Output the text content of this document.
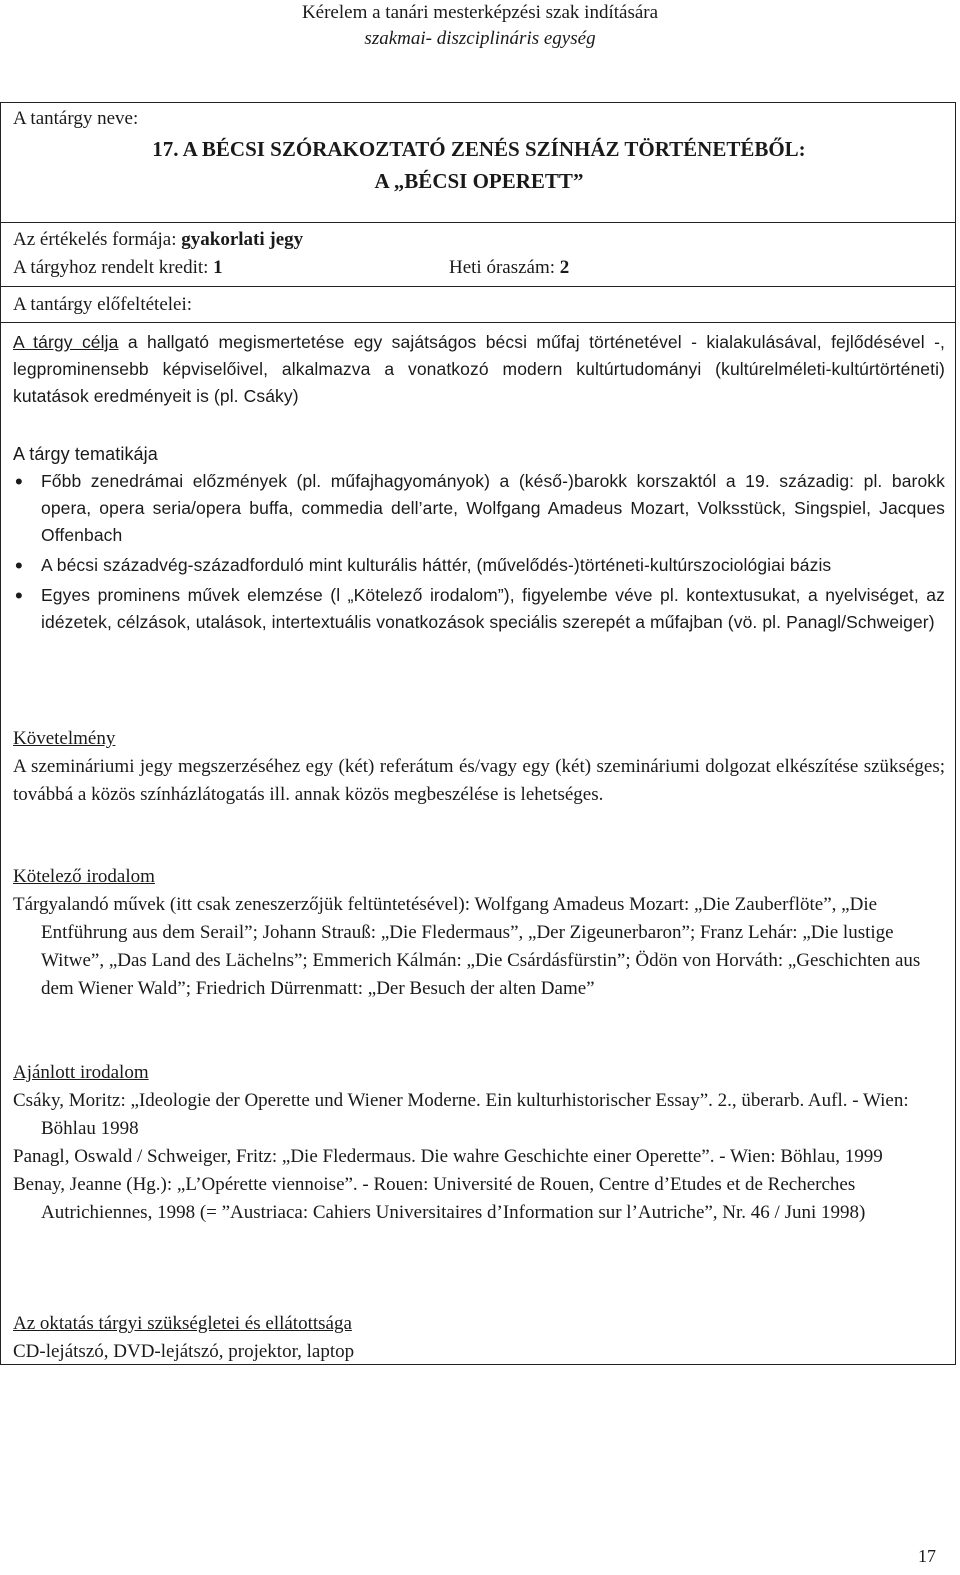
Kérelem a tanári mesterképzési szak indítására
szakmai- diszciplináris egység
A tantárgy neve:
17. A BÉCSI SZÓRAKOZTATÓ ZENÉS SZÍNHÁZ TÖRTÉNETÉBŐL:
A „BÉCSI OPERETT”
Az értékelés formája: gyakorlati jegy
A tárgyhoz rendelt kredit: 1	Heti óraszám: 2
A tantárgy előfeltételei:
A tárgy célja a hallgató megismertetése egy sajátságos bécsi műfaj történetével - kialakulásával, fejlődésével -, legprominensebb képviselőivel, alkalmazva a vonatkozó modern kultúrtudományi (kultúrelméleti-kultúrtörténeti) kutatások eredményeit is (pl. Csáky)
A tárgy tematikája
• Főbb zenedrámai előzmények (pl. műfajhagyományok) a (késő-)barokk korszaktól a 19. századig: pl. barokk opera, opera seria/opera buffa, commedia dell’arte, Wolfgang Amadeus Mozart, Volksstück, Singspiel, Jacques Offenbach
• A bécsi századvég-századforduló mint kulturális háttér, (művelődés-)történeti-kultúrszociológiai bázis
• Egyes prominens művek elemzése (l „Kötelező irodalom”), figyelembe véve pl. kontextusukat, a nyelviséget, az idézetek, célzások, utalások, intertextuális vonatkozások speciális szerepét a műfajban (vö. pl. Panagl/Schweiger)
Követelmény
A szemináriumi jegy megszerzéséhez egy (két) referátum és/vagy egy (két) szemináriumi dolgozat elkészítése szükséges; továbbá a közös színházlátogatás ill. annak közös megbeszélése is lehetséges.
Kötelező irodalom
Tárgyalandó művek (itt csak zeneszerzőjük feltüntetésével): Wolfgang Amadeus Mozart: „Die Zauberflöte”, „Die Entführung aus dem Serail”; Johann Strauß: „Die Fledermaus”, „Der Zigeunerbaron”; Franz Lehár: „Die lustige Witwe”, „Das Land des Lächelns”; Emmerich Kálmán: „Die Csárdásfürstin”; Ödön von Horváth: „Geschichten aus dem Wiener Wald”; Friedrich Dürrenmatt: „Der Besuch der alten Dame”
Ajánlott irodalom
Csáky, Moritz: „Ideologie der Operette und Wiener Moderne. Ein kulturhistorischer Essay”. 2., überarb. Aufl. - Wien: Böhlau 1998
Panagl, Oswald / Schweiger, Fritz: „Die Fledermaus. Die wahre Geschichte einer Operette”. - Wien: Böhlau, 1999
Benay, Jeanne (Hg.): „L’Opérette viennoise”. - Rouen: Université de Rouen, Centre d’Etudes et de Recherches Autrichiennes, 1998 (= ”Austriaca: Cahiers Universitaires d’Information sur l’Autriche”, Nr. 46 / Juni 1998)
Az oktatás tárgyi szükségletei és ellátottsága
CD-lejátszó, DVD-lejátszó, projektor, laptop
17
